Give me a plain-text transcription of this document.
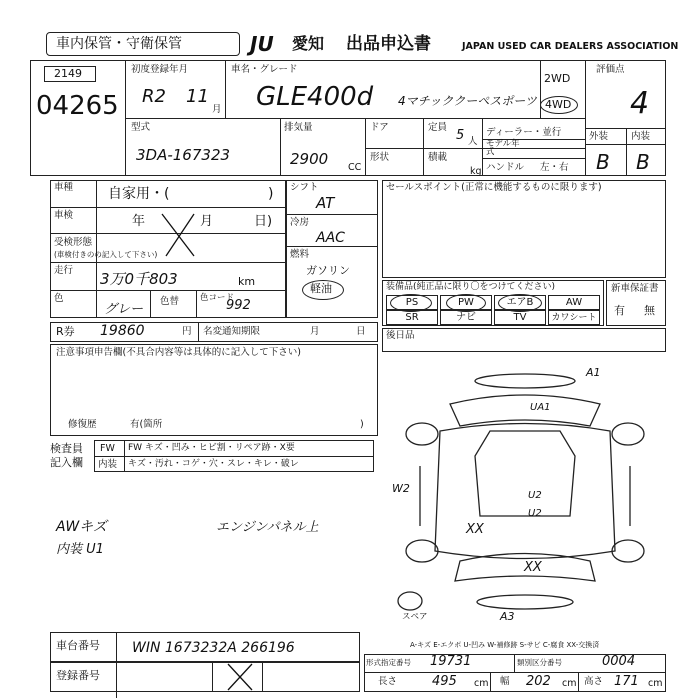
車内保管・守衛保管	JU 愛知 出品申込書	JAPAN USED CAR DEALERS ASSOCIATION
2149
04265
初度登録年月
R2 11
月
車名・グレード
GLE400d 4マチッククーペスポーツ
2WD
4WD
評価点
4
型式
3DA-167323
排気量
2900 CC
ドア
形状
定員
5 人
積載
kg
ディーラー・並行
モデル年式
ハンドル 左・右
外装 内装
B B
車種 自家用・(	)
車検	年	月	日)
受検形態
(車検付きのの記入して下さい)
走行 3万0千803	km
色
グレー
色替 色コード
992
シフト
AT
冷房
AAC
燃料
ガソリン
軽油
セールスポイント(正常に機能するものに限ります)
装備品(純正品に限り〇をつけてください)
PS	PW	エアB	AW
SR	ナビ	TV	カワシート
新車保証書
有 無
R券 19860	円 名変通知期限	月	日 後日品
注意事項申告欄(不具合内容等は具体的に記入して下さい)
修復歴	有(箇所	)
検査員
記入欄
FW FW キズ・凹み・ヒビ割・リペア跡・X要
内装 キズ・汚れ・コゲ・穴・スレ・キレ・破レ
AWキズ
内装 U1
エンジンパネル上
A1
UA1
W2
U2
U2
XX
XX
A3
スペア
A-キズ E-エクボ U-凹み W-補修跡 S-サビ C-腐食 XX-交換済
車台番号 WIN 1673232A 266196
登録番号
形式指定番号 19731	類別区分番号	0004
長さ	495 cm 幅 202 cm 高さ 171 cm
